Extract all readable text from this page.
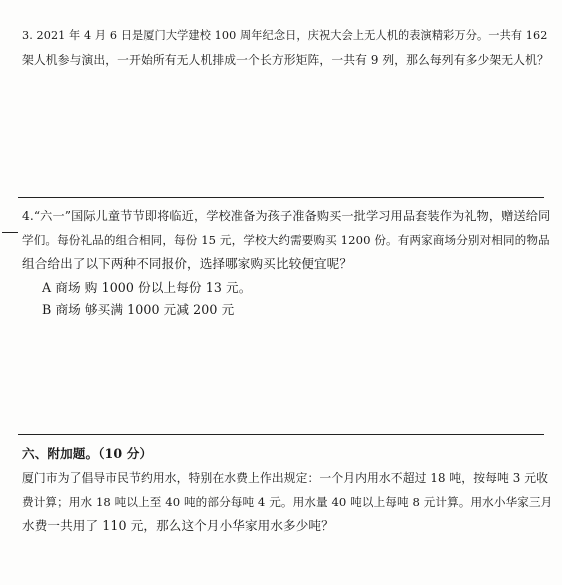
3. 2021 年 4 月 6 日是厦门大学建校 100 周年纪念日，庆祝大会上无人机的表演精彩万分。一共有 162
架人机参与演出，一开始所有无人机排成一个长方形矩阵，一共有 9 列，那么每列有多少架无人机？
4.“六一”国际儿童节节即将临近，学校准备为孩子准备购买一批学习用品套装作为礼物，赠送给同
学们。每份礼品的组合相同，每份 15 元，学校大约需要购买 1200 份。有两家商场分别对相同的物品
组合给出了以下两种不同报价，选择哪家购买比较便宜呢？
A 商场 购 1000 份以上每份 13 元。
B 商场 够买满 1000 元减 200 元
六、附加题。（10 分）
厦门市为了倡导市民节约用水，特别在水费上作出规定：一个月内用水不超过 18 吨，按每吨 3 元收
费计算；用水 18 吨以上至 40 吨的部分每吨 4 元。用水量 40 吨以上每吨 8 元计算。用水小华家三月
水费一共用了 110 元，那么这个月小华家用水多少吨？
